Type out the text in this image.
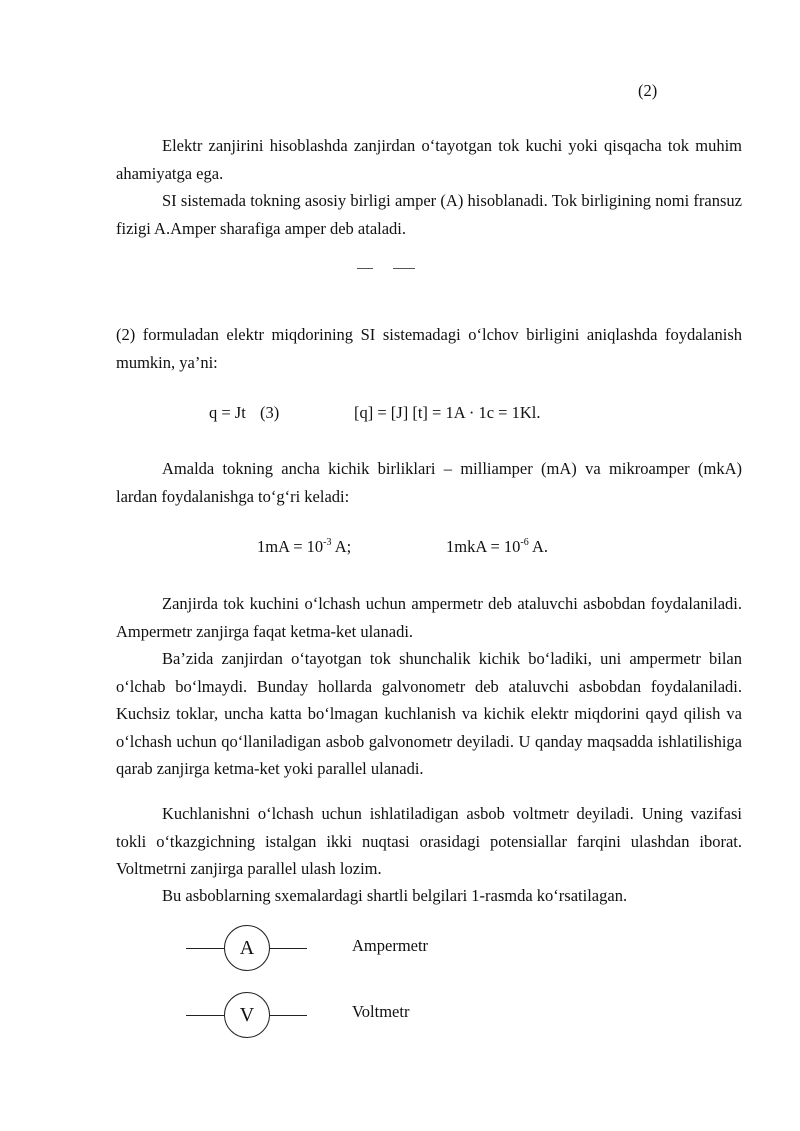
(2)
Elektr zanjirini hisoblashda zanjirdan o‘tayotgan tok kuchi yoki qisqacha tok muhim ahamiyatga ega.
SI sistemada tokning asosiy birligi amper (A) hisoblanadi. Tok birligining nomi fransuz fizigi A.Amper sharafiga amper deb ataladi.
(2) formuladan elektr miqdorining SI sistemadagi o‘lchov birligini aniqlashda foydalanish mumkin, ya’ni:
q = Jt (3)	[q] = [J] [t] = 1A · 1c = 1Kl.
Amalda tokning ancha kichik birliklari – milliamper (mA) va mikroamper (mkA) lardan foydalanishga to‘g‘ri keladi:
$1mA = 10^{-3}$ A;	$1mkA = 10^{-6}$ A.
Zanjirda tok kuchini o‘lchash uchun ampermetr deb ataluvchi asbobdan foydalaniladi. Ampermetr zanjirga faqat ketma-ket ulanadi.
Ba’zida zanjirdan o‘tayotgan tok shunchalik kichik bo‘ladiki, uni ampermetr bilan o‘lchab bo‘lmaydi. Bunday hollarda galvonometr deb ataluvchi asbobdan foydalaniladi. Kuchsiz toklar, uncha katta bo‘lmagan kuchlanish va kichik elektr miqdorini qayd qilish va o‘lchash uchun qo‘llaniladigan asbob galvonometr deyiladi. U qanday maqsadda ishlatilishiga qarab zanjirga ketma-ket yoki parallel ulanadi.
Kuchlanishni o‘lchash uchun ishlatiladigan asbob voltmetr deyiladi. Uning vazifasi tokli o‘tkazgichning istalgan ikki nuqtasi orasidagi potensiallar farqini ulashdan iborat. Voltmetrni zanjirga parallel ulash lozim.
Bu asboblarning sxemalardagi shartli belgilari 1-rasmda ko‘rsatilagan.
A	Ampermetr
V	Voltmetr
